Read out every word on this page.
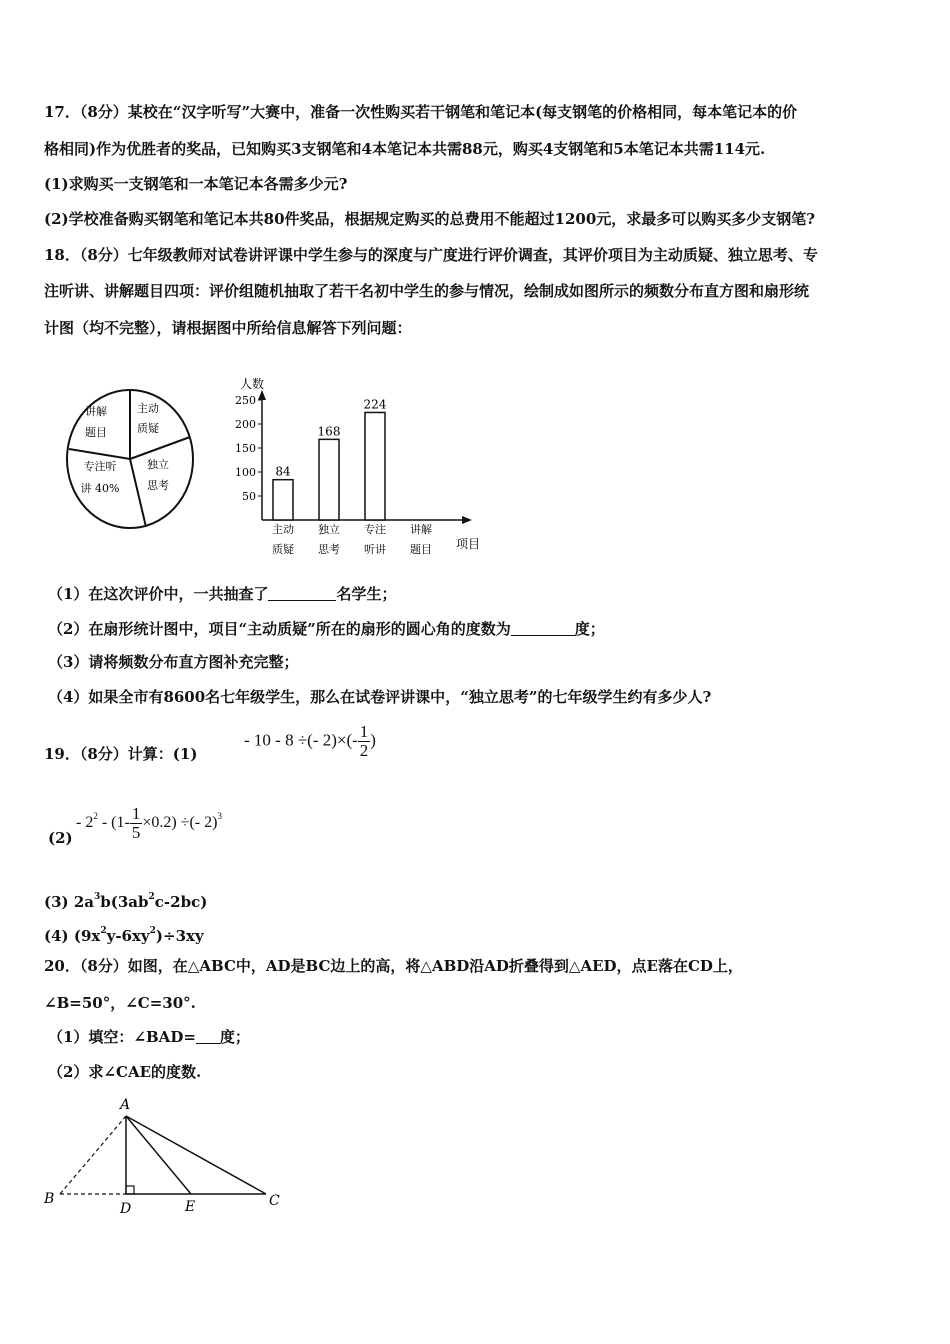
17．（8分）某校在“汉字听写”大赛中，准备一次性购买若干钢笔和笔记本(每支钢笔的价格相同，每本笔记本的价
格相同)作为优胜者的奖品，已知购买3支钢笔和4本笔记本共需88元，购买4支钢笔和5本笔记本共需114元.
(1)求购买一支钢笔和一本笔记本各需多少元?
(2)学校准备购买钢笔和笔记本共80件奖品，根据规定购买的总费用不能超过1200元，求最多可以购买多少支钢笔?
18．（8分）七年级教师对试卷讲评课中学生参与的深度与广度进行评价调查，其评价项目为主动质疑、独立思考、专
注听讲、讲解题目四项：评价组随机抽取了若干名初中学生的参与情况，绘制成如图所示的频数分布直方图和扇形统
计图（均不完整），请根据图中所给信息解答下列问题：
讲解
题目
主动
质疑
独立
思考
专注听
讲 40%
人数
50
100
150
200
250
84
168
224
主动
质疑
独立
思考
专注
听讲
讲解
题目 项目
（1）在这次评价中，一共抽查了	名学生；
（2）在扇形统计图中，项目“主动质疑”所在的扇形的圆心角的度数为	度；
（3）请将频数分布直方图补充完整；
（4）如果全市有8600名七年级学生，那么在试卷评讲课中，“独立思考”的七年级学生约有多少人?
19．（8分）计算：(1)
- 10 - 8 ÷(- $2)\times(- \frac{1}{2}$ )
(2)
- $2^2 - (1- \frac{1}{5} \times 0.2)$ ÷(- 2)$^3$
(3) $2a^3b(3ab^2c-2bc)$
(4) $(9x^2y-6xy^2)\div 3xy$
20．（8分）如图，在△ABC中，AD是BC边上的高，将△ABD沿AD折叠得到△AED，点E落在CD上，
∠B=50°，∠C=30°.
（1）填空：∠BAD= 度；
（2）求∠CAE的度数.
A
B
D	E	C
